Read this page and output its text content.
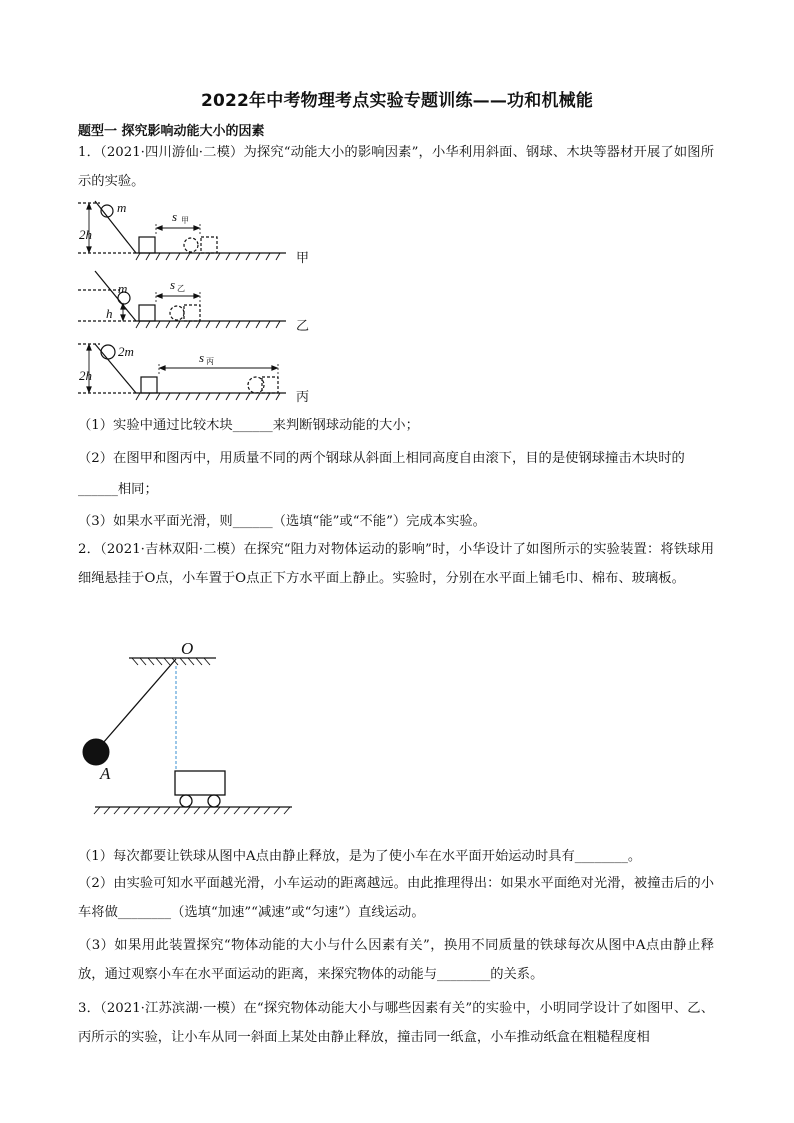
2022年中考物理考点实验专题训练——功和机械能
题型一 探究影响动能大小的因素
1．（2021·四川游仙·二模）为探究“动能大小的影响因素”，小华利用斜面、钢球、木块等器材开展了如图所示的实验。
m
2h
s
m
h
s
2m
2h
s
甲
乙
丙
甲
乙
丙
O
A
（1）实验中通过比较木块______来判断钢球动能的大小；
（2）在图甲和图丙中，用质量不同的两个钢球从斜面上相同高度自由滚下，目的是使钢球撞击木块时的
______相同；
（3）如果水平面光滑，则______（选填“能”或“不能”）完成本实验。
2．（2021·吉林双阳·二模）在探究“阻力对物体运动的影响”时，小华设计了如图所示的实验装置：将铁球用细绳悬挂于O点，小车置于O点正下方水平面上静止。实验时，分别在水平面上铺毛巾、棉布、玻璃板。
（1）每次都要让铁球从图中A点由静止释放，是为了使小车在水平面开始运动时具有________。
（2）由实验可知水平面越光滑，小车运动的距离越远。由此推理得出：如果水平面绝对光滑，被撞击后的小车将做________（选填“加速”“减速”或“匀速”）直线运动。
（3）如果用此装置探究“物体动能的大小与什么因素有关”，换用不同质量的铁球每次从图中A点由静止释放，通过观察小车在水平面运动的距离，来探究物体的动能与________的关系。
3．（2021·江苏滨湖·一模）在“探究物体动能大小与哪些因素有关”的实验中，小明同学设计了如图甲、乙、丙所示的实验，让小车从同一斜面上某处由静止释放，撞击同一纸盒，小车推动纸盒在粗糙程度相
